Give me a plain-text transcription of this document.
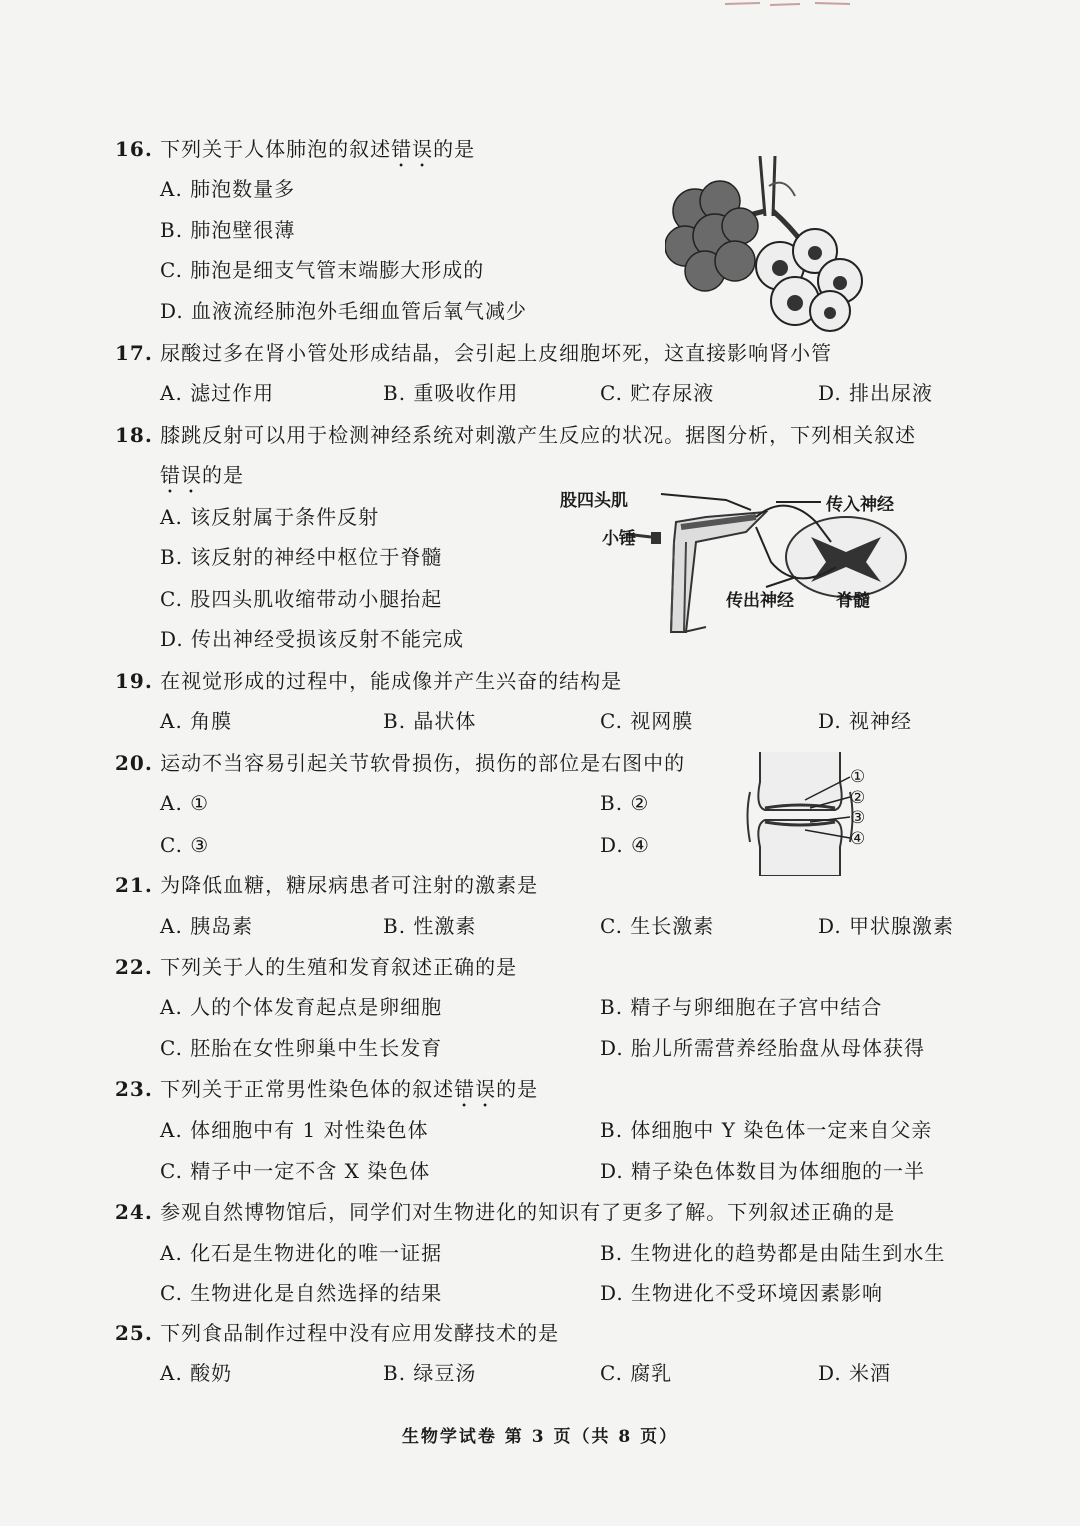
16. 下列关于人体肺泡的叙述错误的是
A. 肺泡数量多
B. 肺泡壁很薄
C. 肺泡是细支气管末端膨大形成的
D. 血液流经肺泡外毛细血管后氧气减少
17. 尿酸过多在肾小管处形成结晶，会引起上皮细胞坏死，这直接影响肾小管
A. 滤过作用	B. 重吸收作用	C. 贮存尿液	D. 排出尿液
18. 膝跳反射可以用于检测神经系统对刺激产生反应的状况。据图分析，下列相关叙述
错误的是
A. 该反射属于条件反射
B. 该反射的神经中枢位于脊髓
C. 股四头肌收缩带动小腿抬起
D. 传出神经受损该反射不能完成
股四头肌
小锤
传入神经
传出神经 脊髓
19. 在视觉形成的过程中，能成像并产生兴奋的结构是
A. 角膜	B. 晶状体	C. 视网膜	D. 视神经
20. 运动不当容易引起关节软骨损伤，损伤的部位是右图中的
A. ①	B. ②
C. ③	D. ④
①
②
③
④
21. 为降低血糖，糖尿病患者可注射的激素是
A. 胰岛素	B. 性激素	C. 生长激素	D. 甲状腺激素
22. 下列关于人的生殖和发育叙述正确的是
A. 人的个体发育起点是卵细胞	B. 精子与卵细胞在子宫中结合
C. 胚胎在女性卵巢中生长发育	D. 胎儿所需营养经胎盘从母体获得
23. 下列关于正常男性染色体的叙述错误的是
A. 体细胞中有 1 对性染色体	B. 体细胞中 Y 染色体一定来自父亲
C. 精子中一定不含 X 染色体	D. 精子染色体数目为体细胞的一半
24. 参观自然博物馆后，同学们对生物进化的知识有了更多了解。下列叙述正确的是
A. 化石是生物进化的唯一证据	B. 生物进化的趋势都是由陆生到水生
C. 生物进化是自然选择的结果	D. 生物进化不受环境因素影响
25. 下列食品制作过程中没有应用发酵技术的是
A. 酸奶	B. 绿豆汤	C. 腐乳	D. 米酒
生物学试卷 第 3 页（共 8 页）
